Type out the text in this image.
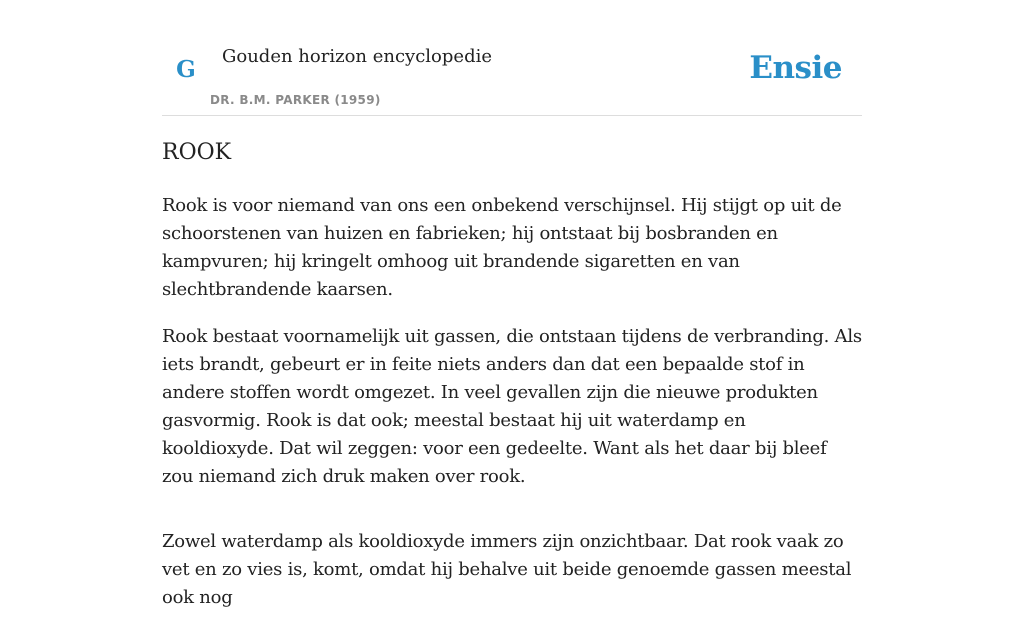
G	Gouden horizon encyclopedie
DR. B.M. PARKER (1959)
Ensie
ROOK

Rook is voor niemand van ons een onbekend verschijnsel. Hij stijgt op uit de schoorstenen van huizen en fabrieken; hij ontstaat bij bosbranden en kampvuren; hij kringelt omhoog uit brandende sigaretten en van slechtbrandende kaarsen.

Rook bestaat voornamelijk uit gassen, die ontstaan tijdens de verbranding. Als iets brandt, gebeurt er in feite niets anders dan dat een bepaalde stof in andere stoffen wordt omgezet. In veel gevallen zijn die nieuwe produkten gasvormig. Rook is dat ook; meestal bestaat hij uit waterdamp en kooldioxyde. Dat wil zeggen: voor een gedeelte. Want als het daar bij bleef zou niemand zich druk maken over rook.

Zowel waterdamp als kooldioxyde immers zijn onzichtbaar. Dat rook vaak zo vet en zo vies is, komt, omdat hij behalve uit beide genoemde gassen meestal ook nog
